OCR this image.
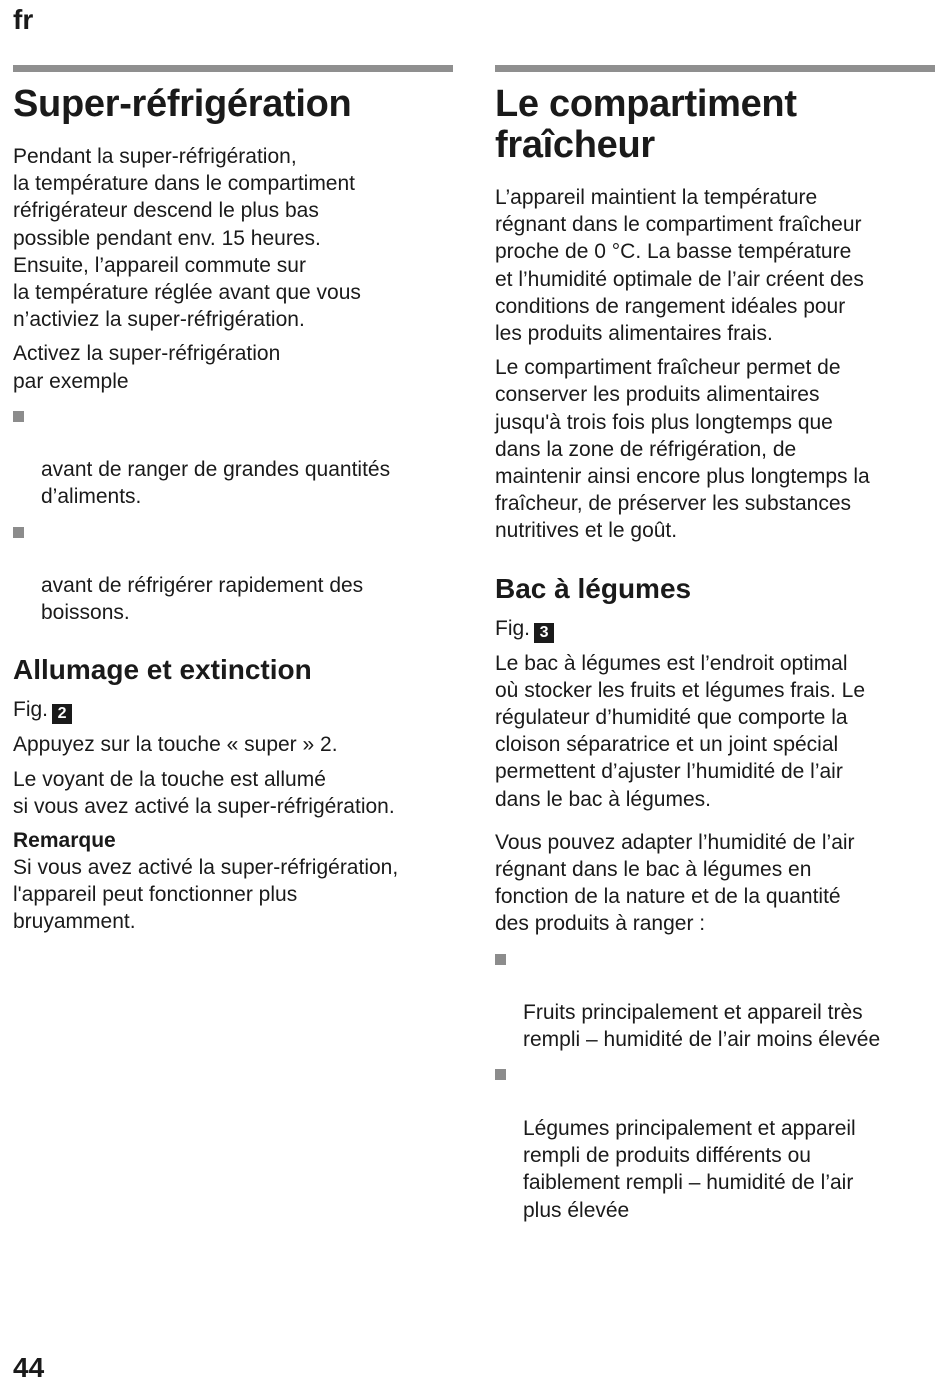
fr
Super-réfrigération

Pendant la super-réfrigération,
la température dans le compartiment
réfrigérateur descend le plus bas
possible pendant env. 15 heures.
Ensuite, l’appareil commute sur
la température réglée avant que vous
n’activiez la super-réfrigération.

Activez la super-réfrigération
par exemple

avant de ranger de grandes quantités
d’aliments.

avant de réfrigérer rapidement des
boissons.

Allumage et extinction

Fig. 2

Appuyez sur la touche « super » 2.

Le voyant de la touche est allumé
si vous avez activé la super-réfrigération.

Remarque

Si vous avez activé la super-réfrigération,
l'appareil peut fonctionner plus
bruyamment.

Le compartiment
fraîcheur

L’appareil maintient la température
régnant dans le compartiment fraîcheur
proche de 0 °C. La basse température
et l’humidité optimale de l’air créent des
conditions de rangement idéales pour
les produits alimentaires frais.

Le compartiment fraîcheur permet de
conserver les produits alimentaires
jusqu'à trois fois plus longtemps que
dans la zone de réfrigération, de
maintenir ainsi encore plus longtemps la
fraîcheur, de préserver les substances
nutritives et le goût.

Bac à légumes

Fig. 3

Le bac à légumes est l’endroit optimal
où stocker les fruits et légumes frais. Le
régulateur d’humidité que comporte la
cloison séparatrice et un joint spécial
permettent d’ajuster l’humidité de l’air
dans le bac à légumes.

Vous pouvez adapter l’humidité de l’air
régnant dans le bac à légumes en
fonction de la nature et de la quantité
des produits à ranger :

Fruits principalement et appareil très
rempli – humidité de l’air moins élevée

Légumes principalement et appareil
rempli de produits différents ou
faiblement rempli – humidité de l’air
plus élevée

44
